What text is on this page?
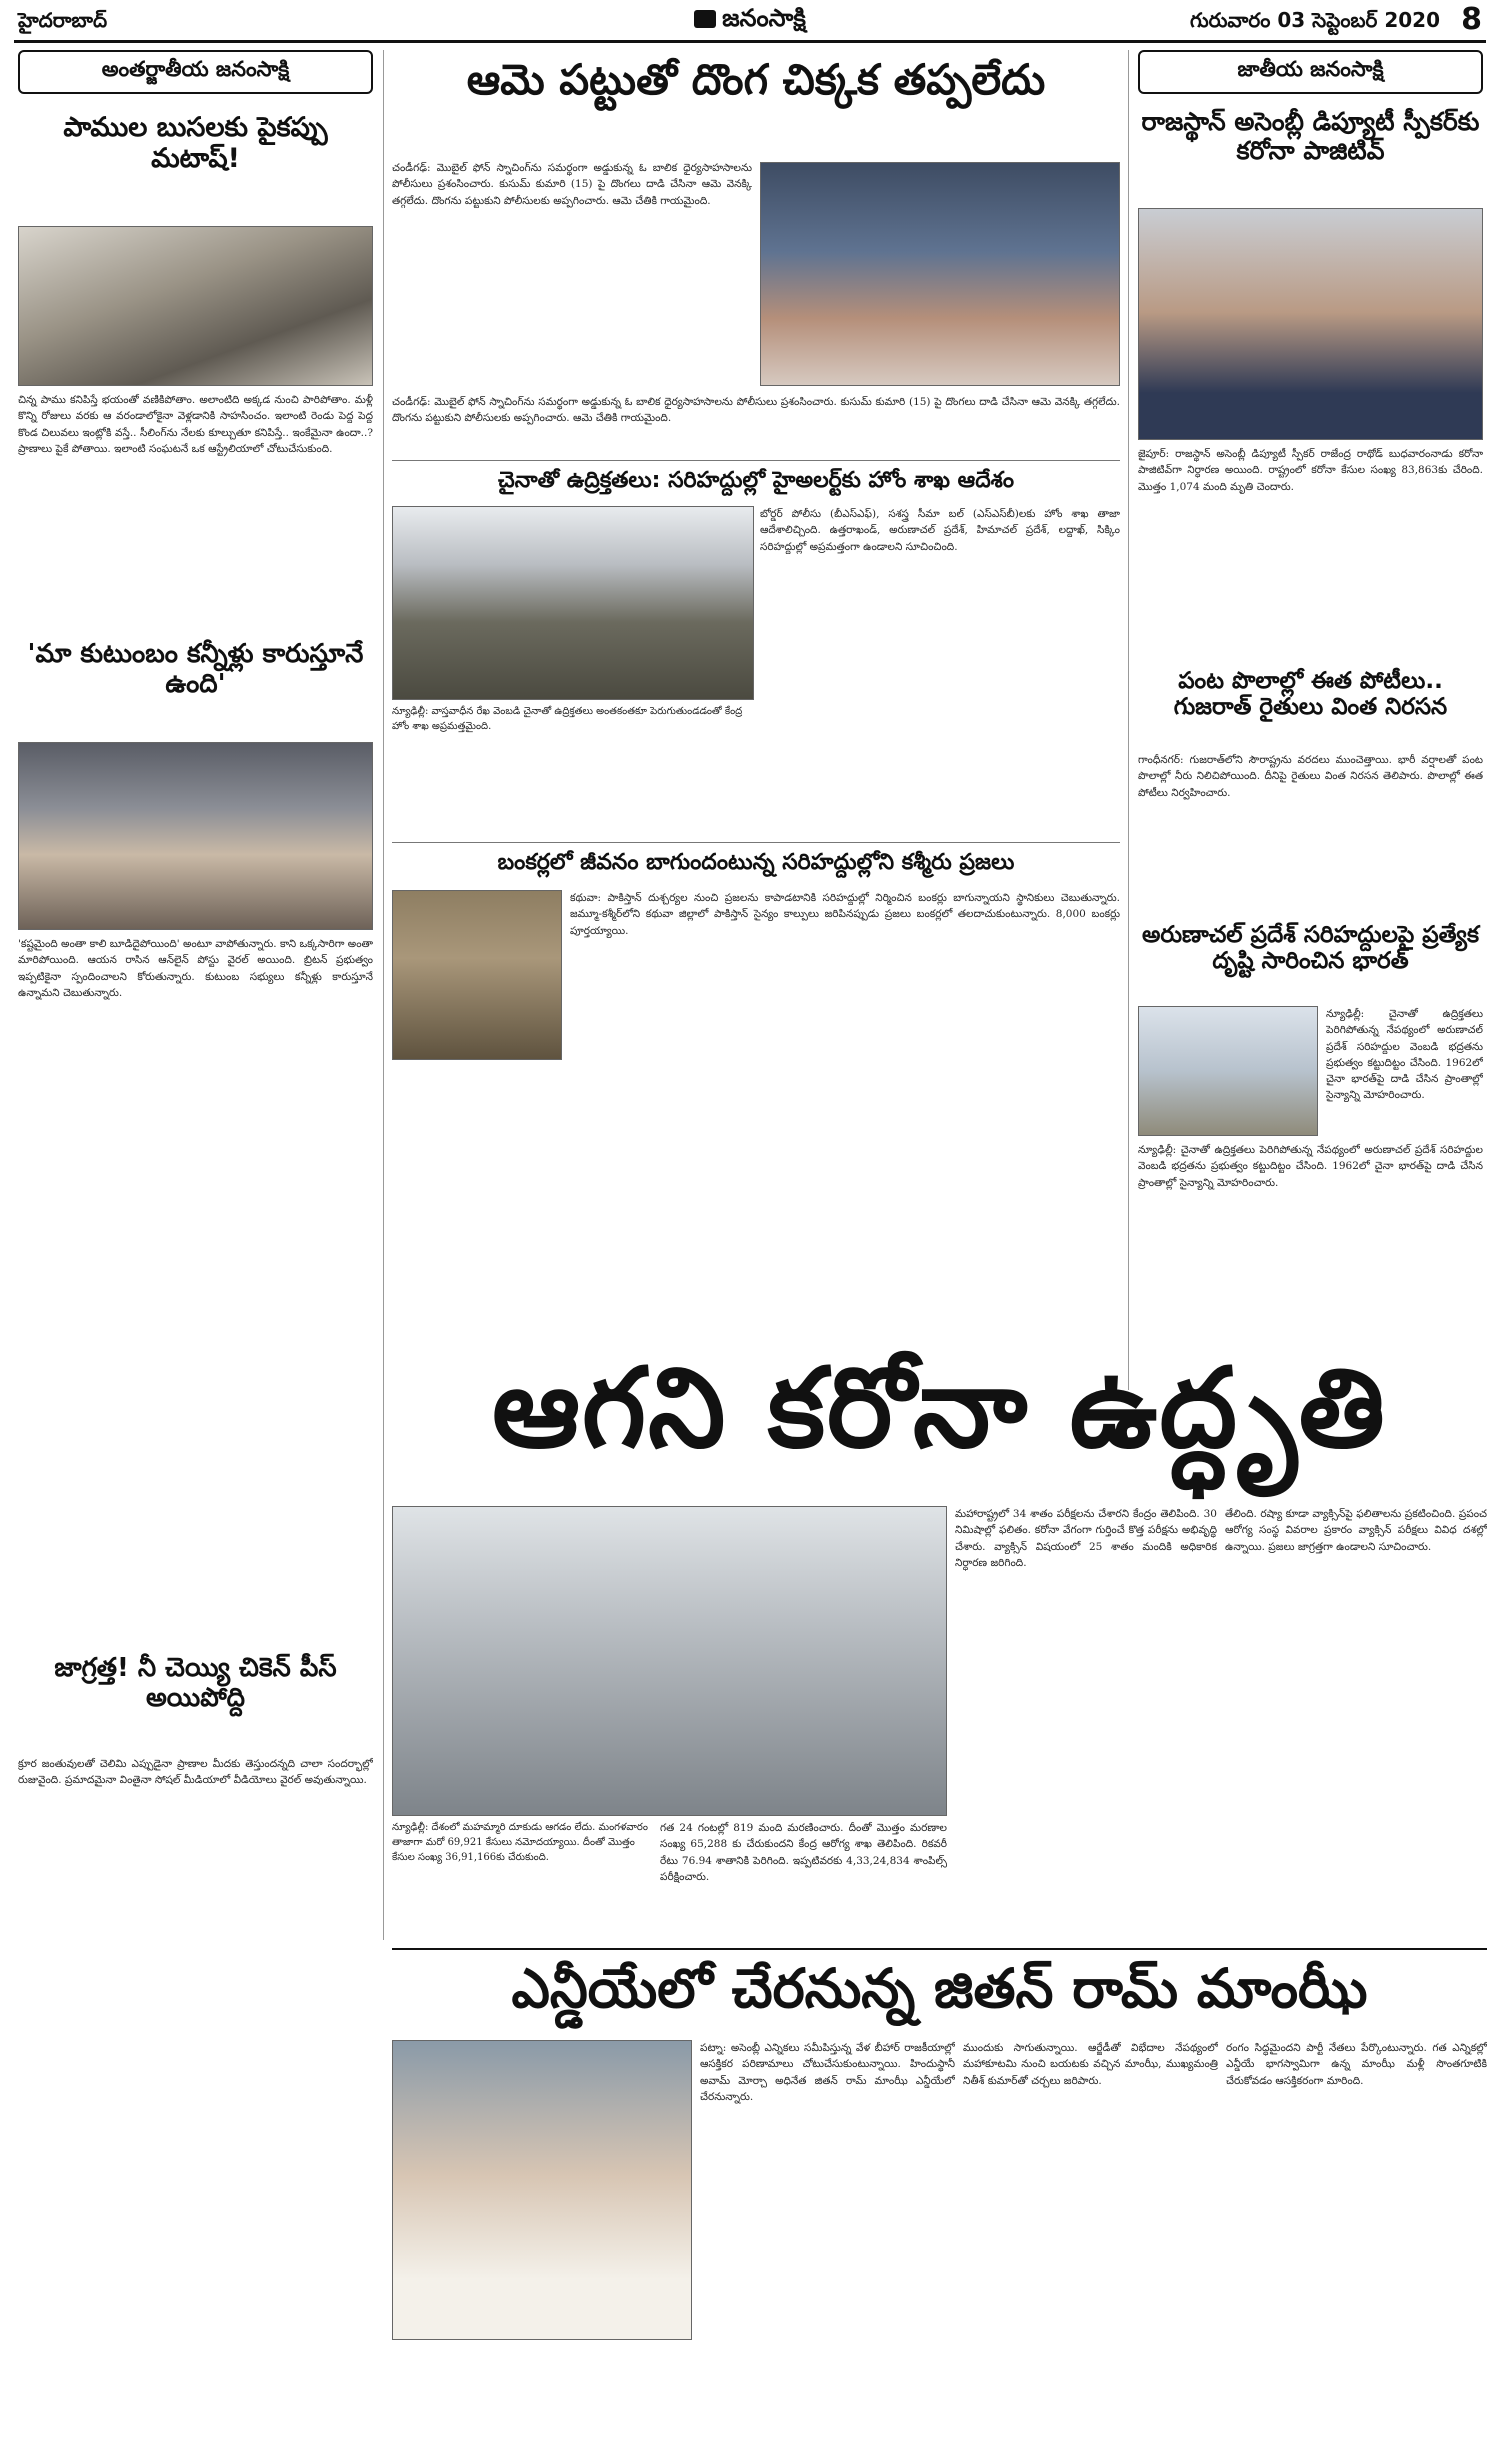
హైదరాబాద్	జనంసాక్షి	గురువారం 03 సెప్టెంబర్ 2020 8
అంతర్జాతీయ జనంసాక్షి
పాముల బుసలకు పైకప్పు మటాష్!
చిన్న పాము కనిపిస్తే భయంతో వణికిపోతాం. అలాంటిది అక్కడ నుంచి పారిపోతాం. మళ్లీ కొన్ని రోజులు వరకు ఆ వరండాలోకైనా వెళ్లడానికి సాహసించం. ఇలాంటి రెండు పెద్ద పెద్ద కొండ చిలువలు ఇంట్లోకి వస్తే.. సీలింగ్‌ను నేలకు కూల్చుతూ కనిపిస్తే.. ఇంకేమైనా ఉందా..? ప్రాణాలు పైకే పోతాయి. ఇలాంటి సంఘటనే ఒక ఆస్ట్రేలియాలో చోటుచేసుకుంది.
'మా కుటుంబం కన్నీళ్లు కారుస్తూనే ఉంది'
'కష్టమైంది అంతా కాలి బూడిదైపోయింది' అంటూ వాపోతున్నారు. కాని ఒక్కసారిగా అంతా మారిపోయింది. ఆయన రాసిన ఆన్‌లైన్ పోస్టు వైరల్ అయింది. బ్రిటన్ ప్రభుత్వం ఇప్పటికైనా స్పందించాలని కోరుతున్నారు. కుటుంబ సభ్యులు కన్నీళ్లు కారుస్తూనే ఉన్నామని చెబుతున్నారు.
జాగ్రత్త! నీ చెయ్యి చికెన్ పీస్ అయిపోద్ది
క్రూర జంతువులతో చెలిమి ఎప్పుడైనా ప్రాణాల మీదకు తెస్తుందన్నది చాలా సందర్భాల్లో రుజువైంది. ప్రమాదమైనా వింతైనా సోషల్ మీడియాలో వీడియోలు వైరల్ అవుతున్నాయి.
ఆమె పట్టుతో దొంగ చిక్కక తప్పలేదు
చండీగఢ్: మొబైల్ ఫోన్ స్నాచింగ్‌ను సమర్థంగా అడ్డుకున్న ఓ బాలిక ధైర్యసాహసాలను పోలీసులు ప్రశంసించారు. కుసుమ్ కుమారి (15) పై దొంగలు దాడి చేసినా ఆమె వెనక్కి తగ్గలేదు. దొంగను పట్టుకుని పోలీసులకు అప్పగించారు. ఆమె చేతికి గాయమైంది.
చండీగఢ్: మొబైల్ ఫోన్ స్నాచింగ్‌ను సమర్థంగా అడ్డుకున్న ఓ బాలిక ధైర్యసాహసాలను పోలీసులు ప్రశంసించారు. కుసుమ్ కుమారి (15) పై దొంగలు దాడి చేసినా ఆమె వెనక్కి తగ్గలేదు. దొంగను పట్టుకుని పోలీసులకు అప్పగించారు. ఆమె చేతికి గాయమైంది.
చైనాతో ఉద్రిక్తతలు: సరిహద్దుల్లో హైఅలర్ట్‌కు హోం శాఖ ఆదేశం
న్యూఢిల్లీ: వాస్తవాధీన రేఖ వెంబడి చైనాతో ఉద్రిక్తతలు అంతకంతకూ పెరుగుతుండడంతో కేంద్ర హోం శాఖ అప్రమత్తమైంది.
బోర్డర్ పోలీసు (బీఎస్ఎఫ్), సశస్త్ర సీమా బల్ (ఎస్ఎస్‌బీ)లకు హోం శాఖ తాజా ఆదేశాలిచ్చింది. ఉత్తరాఖండ్, అరుణాచల్ ప్రదేశ్, హిమాచల్ ప్రదేశ్, లద్దాఖ్, సిక్కిం సరిహద్దుల్లో అప్రమత్తంగా ఉండాలని సూచించింది.
బంకర్లలో జీవనం బాగుందంటున్న సరిహద్దుల్లోని కశ్మీరు ప్రజలు
కథువా: పాకిస్తాన్ దుశ్చర్యల నుంచి ప్రజలను కాపాడటానికి సరిహద్దుల్లో నిర్మించిన బంకర్లు బాగున్నాయని స్థానికులు చెబుతున్నారు. జమ్మూ-కశ్మీర్‌లోని కథువా జిల్లాలో పాకిస్తాన్ సైన్యం కాల్పులు జరిపినప్పుడు ప్రజలు బంకర్లలో తలదాచుకుంటున్నారు. 8,000 బంకర్లు పూర్తయ్యాయి.
జాతీయ జనంసాక్షి
రాజస్థాన్ అసెంబ్లీ డిప్యూటీ స్పీకర్‌కు కరోనా పాజిటివ్
జైపూర్: రాజస్థాన్ అసెంబ్లీ డిప్యూటీ స్పీకర్ రాజేంద్ర రాథోడ్ బుధవారంనాడు కరోనా పాజిటివ్‌గా నిర్ధారణ అయింది. రాష్ట్రంలో కరోనా కేసుల సంఖ్య 83,863కు చేరింది. మొత్తం 1,074 మంది మృతి చెందారు.
పంట పొలాల్లో ఈత పోటీలు.. గుజరాత్ రైతులు వింత నిరసన
గాంధీనగర్: గుజరాత్‌లోని సౌరాష్ట్రను వరదలు ముంచెత్తాయి. భారీ వర్షాలతో పంట పొలాల్లో నీరు నిలిచిపోయింది. దీనిపై రైతులు వింత నిరసన తెలిపారు. పొలాల్లో ఈత పోటీలు నిర్వహించారు.
అరుణాచల్ ప్రదేశ్ సరిహద్దులపై ప్రత్యేక దృష్టి సారించిన భారత్
న్యూఢిల్లీ: చైనాతో ఉద్రిక్తతలు పెరిగిపోతున్న నేపథ్యంలో అరుణాచల్ ప్రదేశ్ సరిహద్దుల వెంబడి భద్రతను ప్రభుత్వం కట్టుదిట్టం చేసింది. 1962లో చైనా భారత్‌పై దాడి చేసిన ప్రాంతాల్లో సైన్యాన్ని మోహరించారు.
న్యూఢిల్లీ: చైనాతో ఉద్రిక్తతలు పెరిగిపోతున్న నేపథ్యంలో అరుణాచల్ ప్రదేశ్ సరిహద్దుల వెంబడి భద్రతను ప్రభుత్వం కట్టుదిట్టం చేసింది. 1962లో చైనా భారత్‌పై దాడి చేసిన ప్రాంతాల్లో సైన్యాన్ని మోహరించారు.
ఆగని కరోనా ఉద్ధృతి
న్యూఢిల్లీ: దేశంలో మహమ్మారి దూకుడు ఆగడం లేదు. మంగళవారం తాజాగా మరో 69,921 కేసులు నమోదయ్యాయి. దీంతో మొత్తం కేసుల సంఖ్య 36,91,166కు చేరుకుంది.
గత 24 గంటల్లో 819 మంది మరణించారు. దీంతో మొత్తం మరణాల సంఖ్య 65,288 కు చేరుకుందని కేంద్ర ఆరోగ్య శాఖ తెలిపింది. రికవరీ రేటు 76.94 శాతానికి పెరిగింది. ఇప్పటివరకు 4,33,24,834 శాంపిల్స్ పరీక్షించారు.
మహారాష్ట్రలో 34 శాతం పరీక్షలను చేశారని కేంద్రం తెలిపింది. 30 నిమిషాల్లో ఫలితం. కరోనా వేగంగా గుర్తించే కొత్త పరీక్షను అభివృద్ధి చేశారు. వ్యాక్సిన్ విషయంలో 25 శాతం మందికి అధికారిక నిర్ధారణ జరిగింది.
తేలింది. రష్యా కూడా వ్యాక్సిన్‌పై ఫలితాలను ప్రకటించింది. ప్రపంచ ఆరోగ్య సంస్థ వివరాల ప్రకారం వ్యాక్సిన్ పరీక్షలు వివిధ దశల్లో ఉన్నాయి. ప్రజలు జాగ్రత్తగా ఉండాలని సూచించారు.
ఎన్డీయేలో చేరనున్న జితన్ రామ్ మాంఝీ
పట్నా: అసెంబ్లీ ఎన్నికలు సమీపిస్తున్న వేళ బీహార్ రాజకీయాల్లో ఆసక్తికర పరిణామాలు చోటుచేసుకుంటున్నాయి. హిందుస్థానీ అవామ్ మోర్చా అధినేత జితన్ రామ్ మాంఝీ ఎన్డీయేలో చేరనున్నారు.
ముందుకు సాగుతున్నాయి. ఆర్జేడీతో విభేదాల నేపథ్యంలో మహాకూటమి నుంచి బయటకు వచ్చిన మాంఝీ, ముఖ్యమంత్రి నితీశ్ కుమార్‌తో చర్చలు జరిపారు.
రంగం సిద్ధమైందని పార్టీ నేతలు పేర్కొంటున్నారు. గత ఎన్నికల్లో ఎన్డీయే భాగస్వామిగా ఉన్న మాంఝీ మళ్లీ సొంతగూటికి చేరుకోవడం ఆసక్తికరంగా మారింది.
